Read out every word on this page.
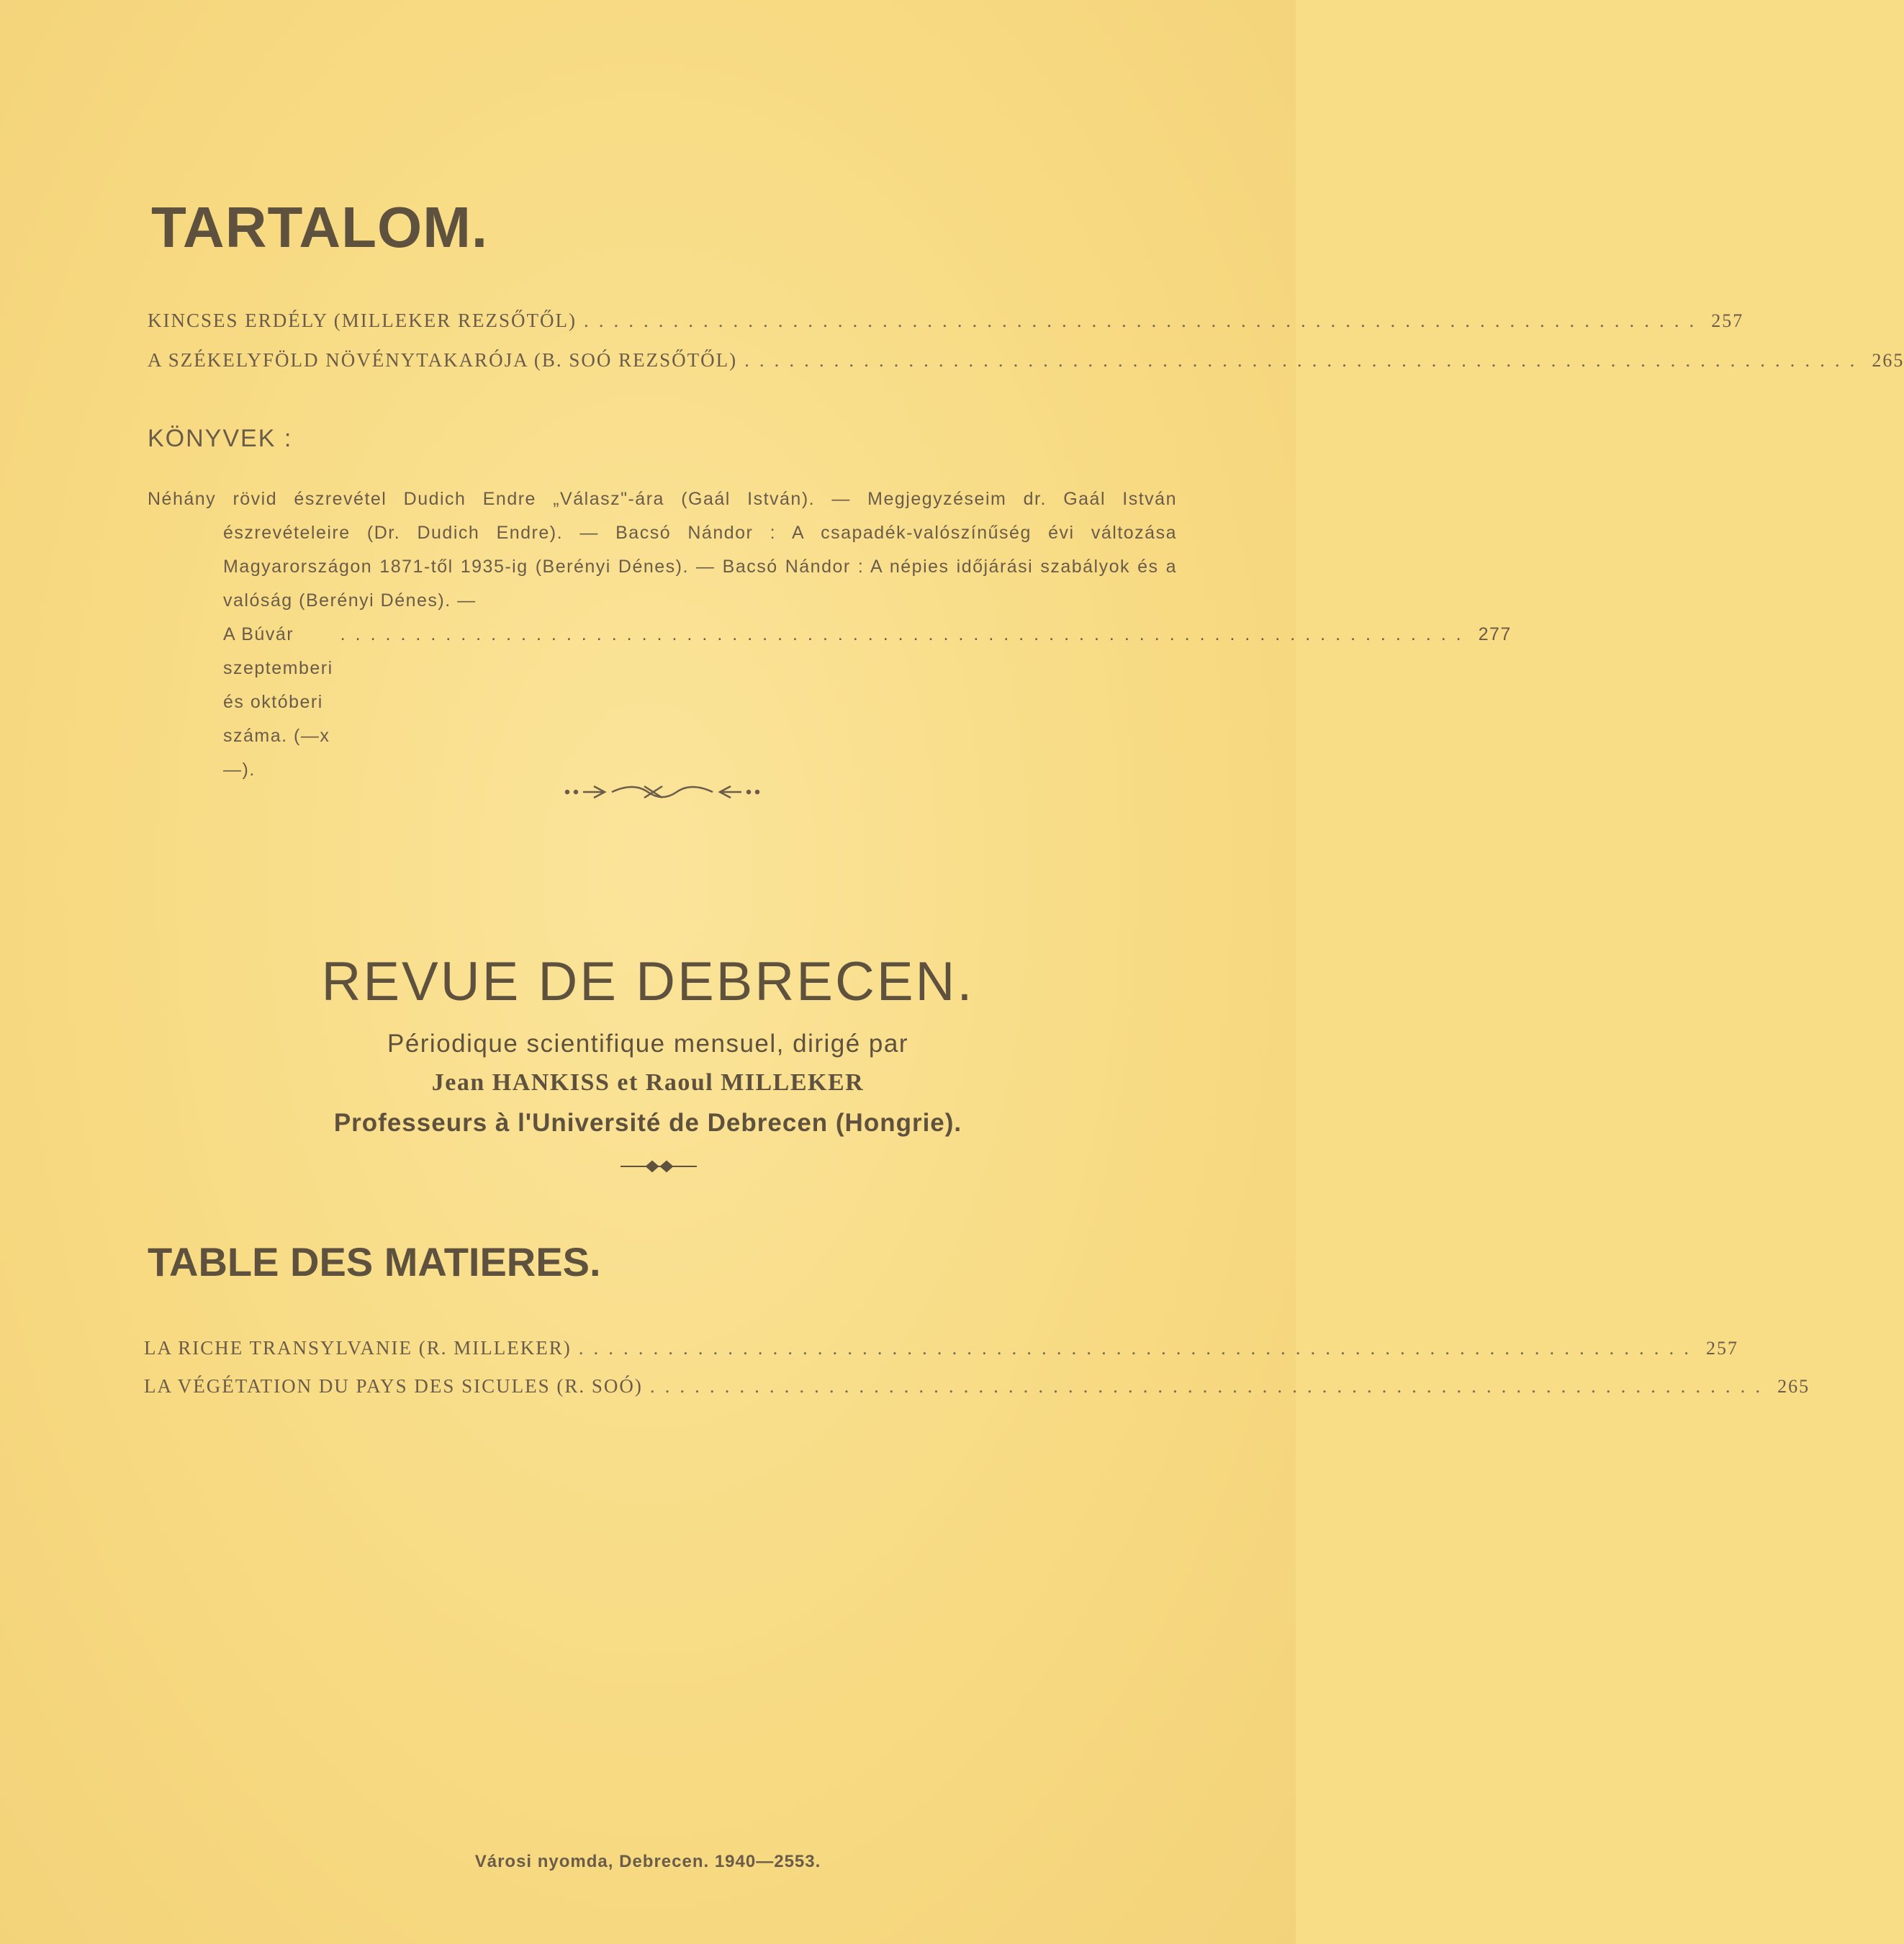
TARTALOM.
KINCSES ERDÉLY (MILLEKER REZSŐTŐL) ........................................................................... 257
A SZÉKELYFÖLD NÖVÉNYTAKARÓJA (B. SOÓ REZSŐTŐL) ........................................................................... 265
KÖNYVEK :
Néhány rövid észrevétel Dudich Endre „Válasz"-ára (Gaál István). — Megjegyzéseim dr. Gaál István észrevételeire (Dr. Dudich Endre). — Bacsó Nándor : A csapadék-valószínűség évi változása Magyarországon 1871-től 1935-ig (Berényi Dénes). — Bacsó Nándor : A népies időjárási szabályok és a valóság (Berényi Dénes). —
A Búvár szeptemberi és októberi száma. (—x—).
........................................................................... 277
REVUE DE DEBRECEN.
Périodique scientifique mensuel, dirigé par
Jean HANKISS et Raoul MILLEKER
Professeurs à l'Université de Debrecen (Hongrie).
TABLE DES MATIERES.
LA RICHE TRANSYLVANIE (R. MILLEKER) ........................................................................... 257
LA VÉGÉTATION DU PAYS DES SICULES (R. SOÓ) ........................................................................... 265
Városi nyomda, Debrecen. 1940—2553.
